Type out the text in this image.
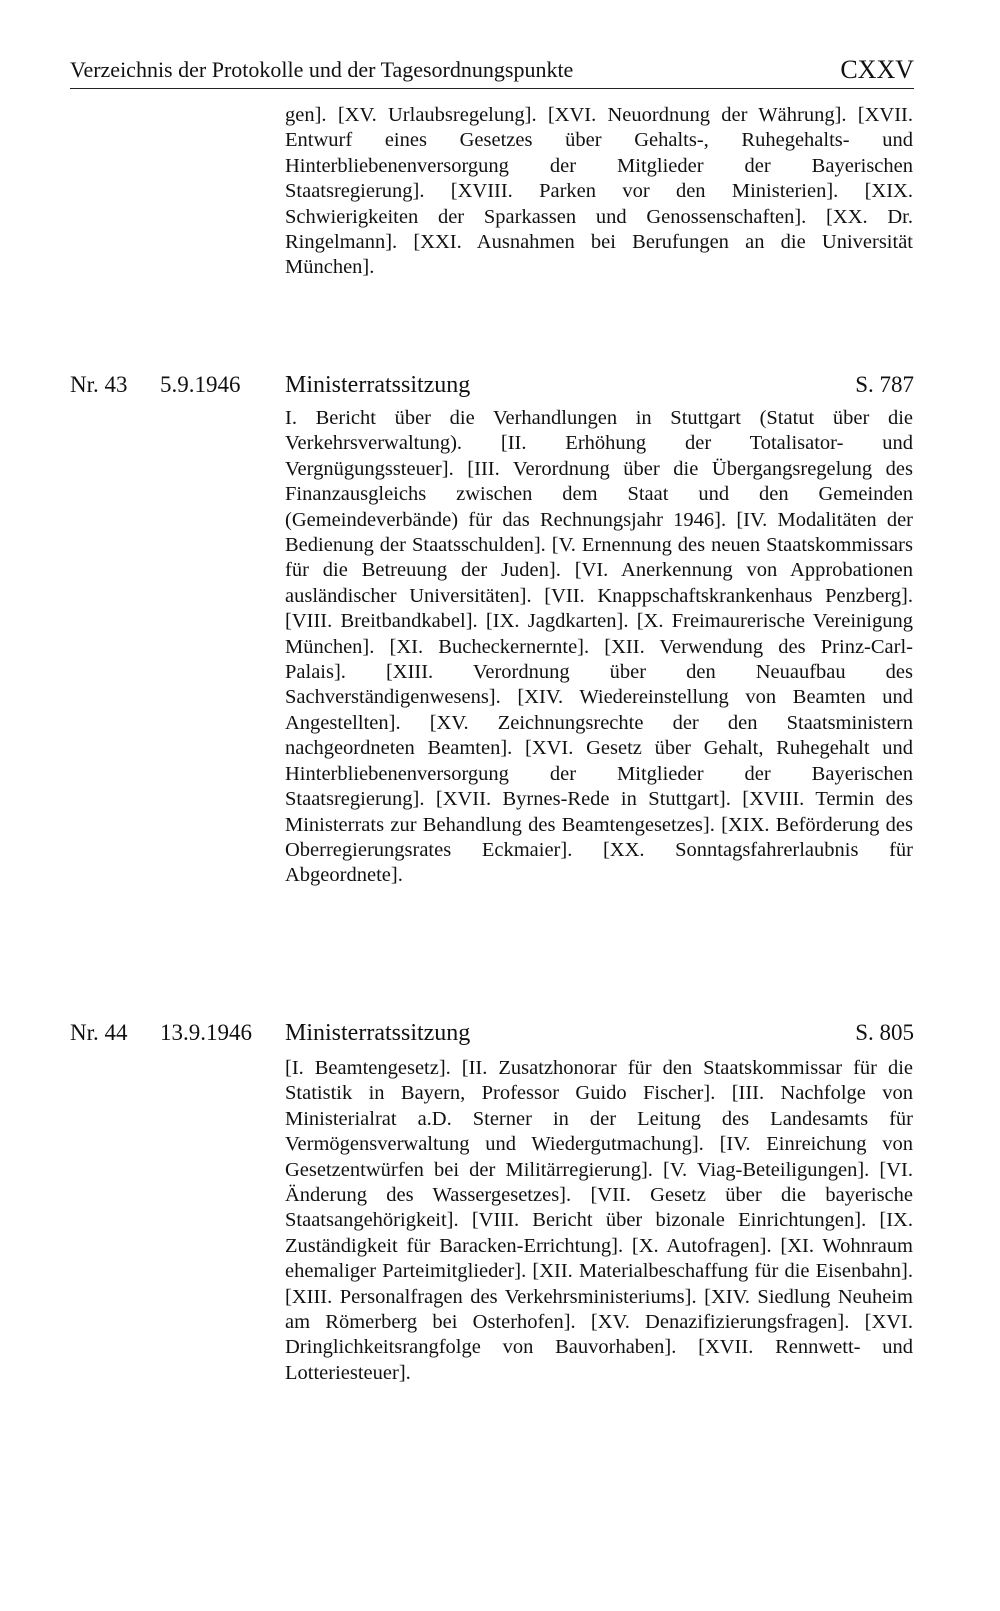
Verzeichnis der Protokolle und der Tagesordnungspunkte	CXXV
gen]. [XV. Urlaubsregelung]. [XVI. Neuordnung der Währung]. [XVII. Entwurf eines Gesetzes über Gehalts-, Ruhegehalts- und Hinterbliebenenversorgung der Mitglieder der Bayerischen Staatsregierung]. [XVIII. Parken vor den Ministerien]. [XIX. Schwierigkeiten der Sparkassen und Genossenschaften]. [XX. Dr. Ringelmann]. [XXI. Ausnahmen bei Berufungen an die Universität München].
Nr. 43 5.9.1946 Ministerratssitzung	S. 787
I. Bericht über die Verhandlungen in Stuttgart (Statut über die Verkehrsverwaltung). [II. Erhöhung der Totalisator- und Vergnügungssteuer]. [III. Verordnung über die Übergangsregelung des Finanzausgleichs zwischen dem Staat und den Gemeinden (Gemeindeverbände) für das Rechnungsjahr 1946]. [IV. Modalitäten der Bedienung der Staatsschulden]. [V. Ernennung des neuen Staatskommissars für die Betreuung der Juden]. [VI. Anerkennung von Approbationen ausländischer Universitäten]. [VII. Knappschaftskrankenhaus Penzberg]. [VIII. Breitbandkabel]. [IX. Jagdkarten]. [X. Freimaurerische Vereinigung München]. [XI. Bucheckernernte]. [XII. Verwendung des Prinz-Carl-Palais]. [XIII. Verordnung über den Neuaufbau des Sachverständigenwesens]. [XIV. Wiedereinstellung von Beamten und Angestellten]. [XV. Zeichnungsrechte der den Staatsministern nachgeordneten Beamten]. [XVI. Gesetz über Gehalt, Ruhegehalt und Hinterbliebenenversorgung der Mitglieder der Bayerischen Staatsregierung]. [XVII. Byrnes-Rede in Stuttgart]. [XVIII. Termin des Ministerrats zur Behandlung des Beamtengesetzes]. [XIX. Beförderung des Oberregierungsrates Eckmaier]. [XX. Sonntagsfahrerlaubnis für Abgeordnete].
Nr. 44 13.9.1946 Ministerratssitzung	S. 805
[I. Beamtengesetz]. [II. Zusatzhonorar für den Staatskommissar für die Statistik in Bayern, Professor Guido Fischer]. [III. Nachfolge von Ministerialrat a.D. Sterner in der Leitung des Landesamts für Vermögensverwaltung und Wiedergutmachung]. [IV. Einreichung von Gesetzentwürfen bei der Militärregierung]. [V. Viag-Beteiligungen]. [VI. Änderung des Wassergesetzes]. [VII. Gesetz über die bayerische Staatsangehörigkeit]. [VIII. Bericht über bizonale Einrichtungen]. [IX. Zuständigkeit für Baracken-Errichtung]. [X. Autofragen]. [XI. Wohnraum ehemaliger Parteimitglieder]. [XII. Materialbeschaffung für die Eisenbahn]. [XIII. Personalfragen des Verkehrsministeriums]. [XIV. Siedlung Neuheim am Römerberg bei Osterhofen]. [XV. Denazifizierungsfragen]. [XVI. Dringlichkeitsrangfolge von Bauvorhaben]. [XVII. Rennwett- und Lotteriesteuer].
